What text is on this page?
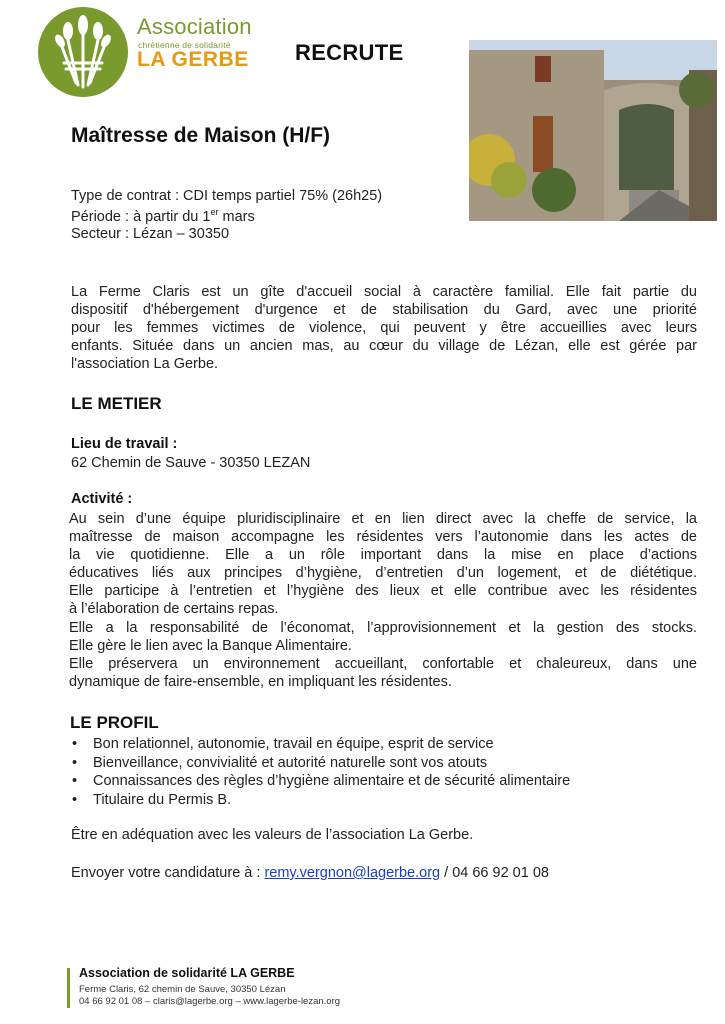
Association
chrétienne de solidarité
LA GERBE RECRUTE
Maîtresse de Maison (H/F)
Type de contrat : CDI temps partiel 75% (26h25)
Période : à partir du 1er mars
Secteur : Lézan – 30350
La Ferme Claris est un gîte d'accueil social à caractère familial. Elle fait partie du
dispositif d'hébergement d'urgence et de stabilisation du Gard, avec une priorité
pour les femmes victimes de violence, qui peuvent y être accueillies avec leurs
enfants. Située dans un ancien mas, au cœur du village de Lézan, elle est gérée par
l'association La Gerbe.
LE METIER
Lieu de travail :
62 Chemin de Sauve - 30350 LEZAN
Activité :
Au sein d’une équipe pluridisciplinaire et en lien direct avec la cheffe de service, la
maîtresse de maison accompagne les résidentes vers l’autonomie dans les actes de
la vie quotidienne. Elle a un rôle important dans la mise en place d’actions
éducatives liés aux principes d’hygiène, d’entretien d’un logement, et de diététique.
Elle participe à l’entretien et l’hygiène des lieux et elle contribue avec les résidentes
à l’élaboration de certains repas.
Elle a la responsabilité de l’économat, l’approvisionnement et la gestion des stocks.
Elle gère le lien avec la Banque Alimentaire.
Elle préservera un environnement accueillant, confortable et chaleureux, dans une
dynamique de faire-ensemble, en impliquant les résidentes.
LE PROFIL
• Bon relationnel, autonomie, travail en équipe, esprit de service
• Bienveillance, convivialité et autorité naturelle sont vos atouts
• Connaissances des règles d’hygiène alimentaire et de sécurité alimentaire
• Titulaire du Permis B.
Être en adéquation avec les valeurs de l’association La Gerbe.
Envoyer votre candidature à : remy.vergnon@lagerbe.org / 04 66 92 01 08
Association de solidarité LA GERBE
Ferme Claris, 62 chemin de Sauve, 30350 Lézan
04 66 92 01 08 – claris@lagerbe.org – www.lagerbe-lezan.org
